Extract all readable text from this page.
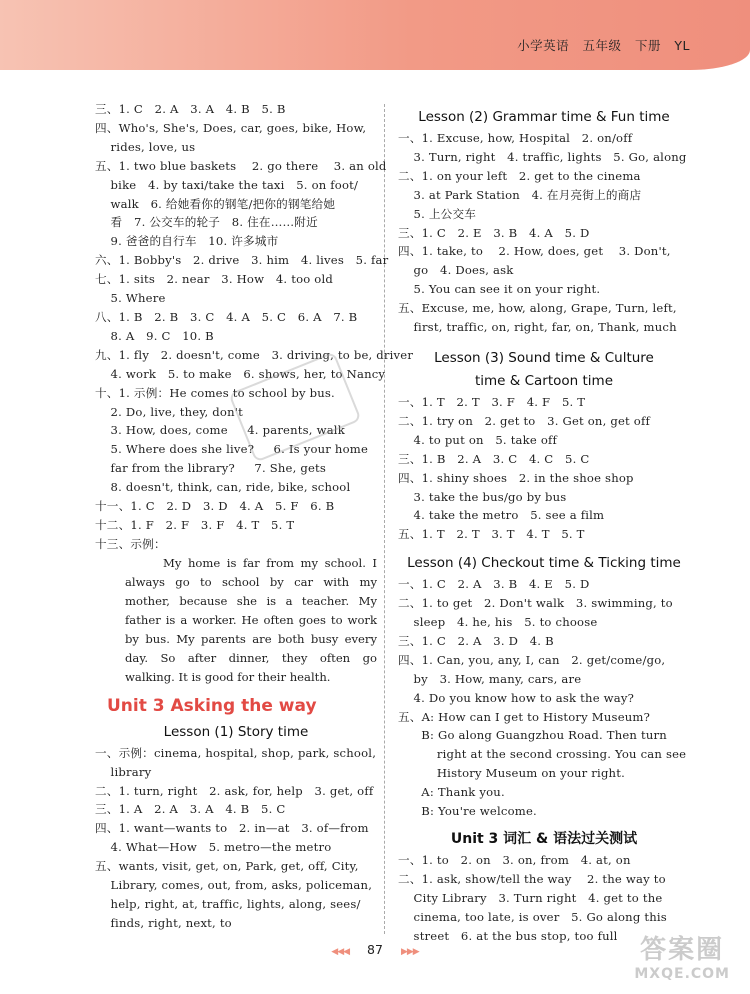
小学英语   五年级   下册   YL
三、1. C   2. A   3. A   4. B   5. B
四、Who's, She's, Does, car, goes, bike, How,
rides, love, us
五、1. two blue baskets    2. go there    3. an old
bike   4. by taxi/take the taxi   5. on foot/
walk   6. 给她看你的钢笔/把你的钢笔给她
看   7. 公交车的轮子   8. 住在……附近
9. 爸爸的自行车   10. 许多城市
六、1. Bobby's   2. drive   3. him   4. lives   5. far
七、1. sits   2. near   3. How   4. too old
5. Where
八、1. B   2. B   3. C   4. A   5. C   6. A   7. B
8. A   9. C   10. B
九、1. fly   2. doesn't, come   3. driving, to be, driver
4. work   5. to make   6. shows, her, to Nancy
十、1. 示例：He comes to school by bus.
2. Do, live, they, don't
3. How, does, come     4. parents, walk
5. Where does she live?     6. Is your home
far from the library?     7. She, gets
8. doesn't, think, can, ride, bike, school
十一、1. C   2. D   3. D   4. A   5. F   6. B
十二、1. F   2. F   3. F   4. T   5. T
十三、示例：

My home is far from my school. I always go to school by car with my mother, because she is a teacher. My father is a worker. He often goes to work by bus. My parents are both busy every day. So after dinner, they often go walking. It is good for their health.

Unit 3 Asking the way
Lesson (1) Story time
一、示例：cinema, hospital, shop, park, school,
library
二、1. turn, right   2. ask, for, help   3. get, off
三、1. A   2. A   3. A   4. B   5. C
四、1. want—wants to   2. in—at   3. of—from
4. What—How   5. metro—the metro
五、wants, visit, get, on, Park, get, off, City,
Library, comes, out, from, asks, policeman,
help, right, at, traffic, lights, along, sees/
finds, right, next, to
Lesson (2) Grammar time & Fun time
一、1. Excuse, how, Hospital   2. on/off
3. Turn, right   4. traffic, lights   5. Go, along
二、1. on your left   2. get to the cinema
3. at Park Station   4. 在月亮街上的商店
5. 上公交车
三、1. C   2. E   3. B   4. A   5. D
四、1. take, to    2. How, does, get    3. Don't,
go   4. Does, ask
5. You can see it on your right.
五、Excuse, me, how, along, Grape, Turn, left,
first, traffic, on, right, far, on, Thank, much
Lesson (3) Sound time & Culture
time & Cartoon time
一、1. T   2. T   3. F   4. F   5. T
二、1. try on   2. get to   3. Get on, get off
4. to put on   5. take off
三、1. B   2. A   3. C   4. C   5. C
四、1. shiny shoes   2. in the shoe shop
3. take the bus/go by bus
4. take the metro   5. see a film
五、1. T   2. T   3. T   4. T   5. T
Lesson (4) Checkout time & Ticking time
一、1. C   2. A   3. B   4. E   5. D
二、1. to get   2. Don't walk   3. swimming, to
sleep   4. he, his   5. to choose
三、1. C   2. A   3. D   4. B
四、1. Can, you, any, I, can   2. get/come/go,
by   3. How, many, cars, are
4. Do you know how to ask the way?
五、A: How can I get to History Museum?
B: Go along Guangzhou Road. Then turn
right at the second crossing. You can see
History Museum on your right.
A: Thank you.
B: You're welcome.
Unit 3 词汇 & 语法过关测试
一、1. to   2. on   3. on, from   4. at, on
二、1. ask, show/tell the way    2. the way to
City Library   3. Turn right   4. get to the
cinema, too late, is over   5. Go along this
street   6. at the bus stop, too full
◀◀◀ 87 ▶▶▶	答案圈
MXQE.COM
